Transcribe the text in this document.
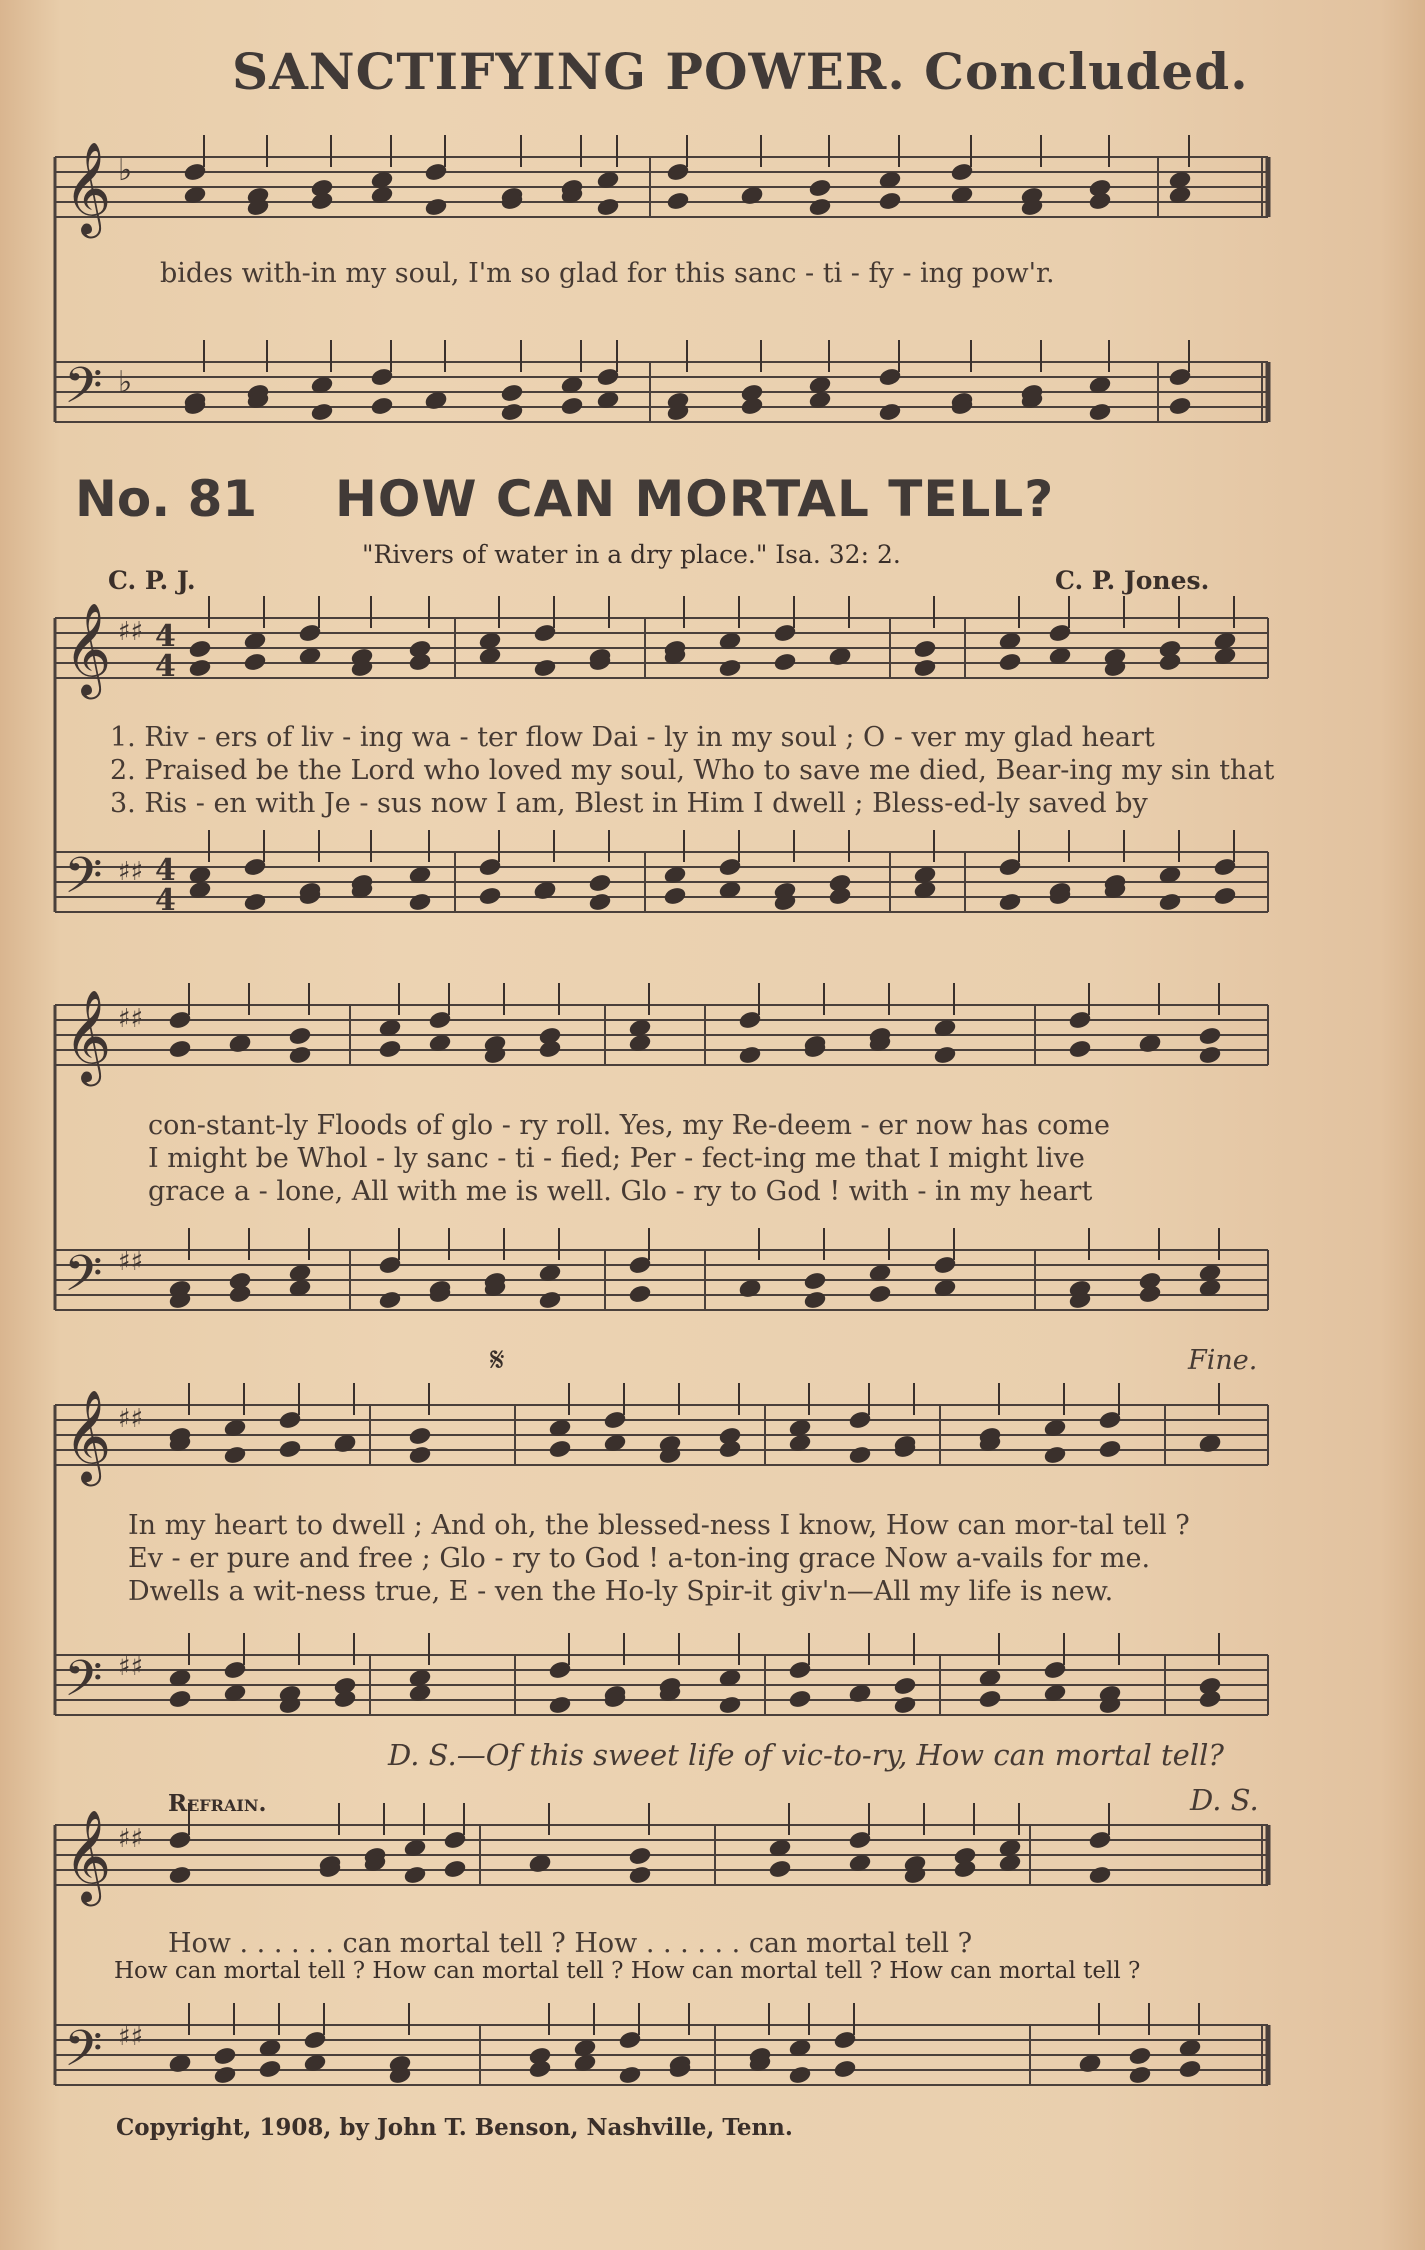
𝄞
𝄢
𝄞
𝄢
𝄞
𝄢
𝄞
𝄢
𝄞
𝄢
♭
♭
♯♯
♯♯
♯♯
♯♯
♯♯
♯♯
♯♯
♯♯
4
4
4
4
SANCTIFYING POWER. Concluded.
bides with-in my soul, I'm so glad for this sanc - ti - fy - ing pow'r.
No. 81 HOW CAN MORTAL TELL?
"Rivers of water in a dry place." Isa. 32: 2.
C. P. J.	C. P. Jones.
1. Riv - ers of liv - ing wa - ter flow Dai - ly in my soul ; O - ver my glad heart
2. Praised be the Lord who loved my soul, Who to save me died, Bear-ing my sin that
3. Ris - en with Je - sus now I am, Blest in Him I dwell ; Bless-ed-ly saved by
con-stant-ly Floods of glo - ry roll. Yes, my Re-deem - er now has come
I might be Whol - ly sanc - ti - fied; Per - fect-ing me that I might live
grace a - lone, All with me is well. Glo - ry to God ! with - in my heart
Fine.
𝄋
In my heart to dwell ; And oh, the blessed-ness I know, How can mor-tal tell ?
Ev - er pure and free ; Glo - ry to God ! a-ton-ing grace Now a-vails for me.
Dwells a wit-ness true, E - ven the Ho-ly Spir-it giv'n—All my life is new.
D. S.—Of this sweet life of vic-to-ry, How can mortal tell?
Refrain.	D. S.
How . . . . . . can mortal tell ? How . . . . . . can mortal tell ?
How can mortal tell ? How can mortal tell ? How can mortal tell ? How can mortal tell ?
Copyright, 1908, by John T. Benson, Nashville, Tenn.
